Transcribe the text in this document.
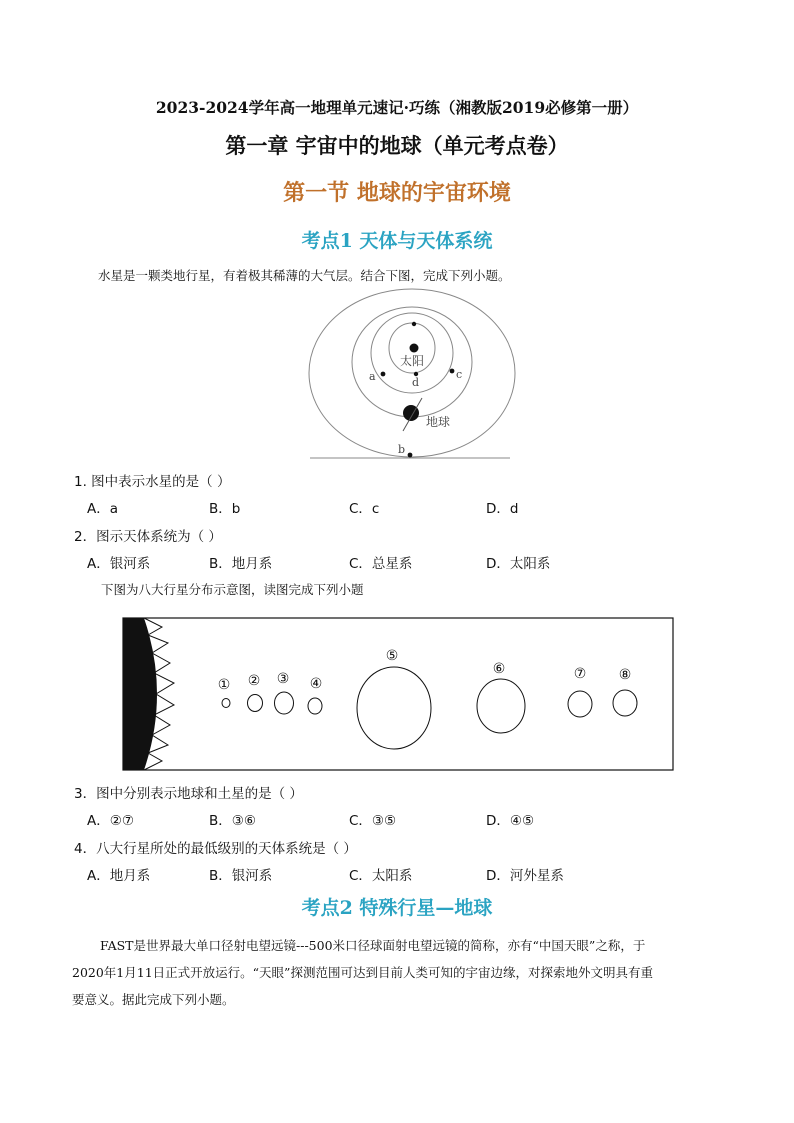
2023-2024学年高一地理单元速记·巧练（湘教版2019必修第一册）
第一章 宇宙中的地球（单元考点卷）
第一节 地球的宇宙环境
考点1 天体与天体系统
水星是一颗类地行星，有着极其稀薄的大气层。结合下图，完成下列小题。
太阳
地球
a	d
c
b
1. 图中表示水星的是（ ）
A．a	B．b	C．c	D．d
2．图示天体系统为（ ）
A．银河系	B．地月系	C．总星系	D．太阳系
下图为八大行星分布示意图，读图完成下列小题
① ② ③ ④
⑤
⑥	⑦ ⑧
3．图中分别表示地球和土星的是（ ）
A．②⑦	B．③⑥	C．③⑤	D．④⑤
4．八大行星所处的最低级别的天体系统是（ ）
A．地月系	B．银河系	C．太阳系	D．河外星系
考点2 特殊行星—地球
FAST是世界最大单口径射电望远镜---500米口径球面射电望远镜的简称，亦有“中国天眼”之称，于
2020年1月11日正式开放运行。“天眼”探测范围可达到目前人类可知的宇宙边缘，对探索地外文明具有重
要意义。据此完成下列小题。
